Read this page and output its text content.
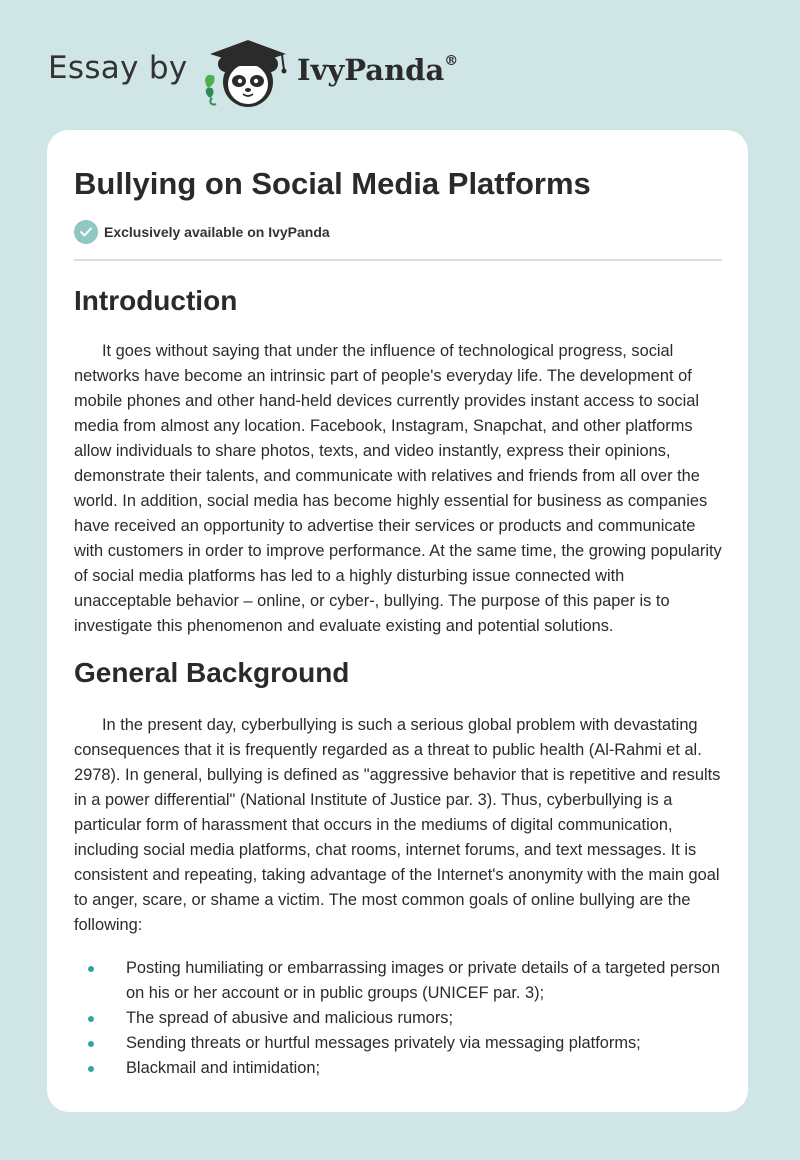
Essay by	IvyPanda®
Bullying on Social Media Platforms
Exclusively available on IvyPanda
Introduction

It goes without saying that under the influence of technological progress, social networks have become an intrinsic part of people's everyday life. The development of mobile phones and other hand-held devices currently provides instant access to social media from almost any location. Facebook, Instagram, Snapchat, and other platforms allow individuals to share photos, texts, and video instantly, express their opinions, demonstrate their talents, and communicate with relatives and friends from all over the world. In addition, social media has become highly essential for business as companies have received an opportunity to advertise their services or products and communicate with customers in order to improve performance. At the same time, the growing popularity of social media platforms has led to a highly disturbing issue connected with unacceptable behavior – online, or cyber-, bullying. The purpose of this paper is to investigate this phenomenon and evaluate existing and potential solutions.

General Background

In the present day, cyberbullying is such a serious global problem with devastating consequences that it is frequently regarded as a threat to public health (Al-Rahmi et al. 2978). In general, bullying is defined as "aggressive behavior that is repetitive and results in a power differential" (National Institute of Justice par. 3). Thus, cyberbullying is a particular form of harassment that occurs in the mediums of digital communication, including social media platforms, chat rooms, internet forums, and text messages. It is consistent and repeating, taking advantage of the Internet's anonymity with the main goal to anger, scare, or shame a victim. The most common goals of online bullying are the following:

Posting humiliating or embarrassing images or private details of a targeted person on his or her account or in public groups (UNICEF par. 3);
The spread of abusive and malicious rumors;
Sending threats or hurtful messages privately via messaging platforms;
Blackmail and intimidation;
